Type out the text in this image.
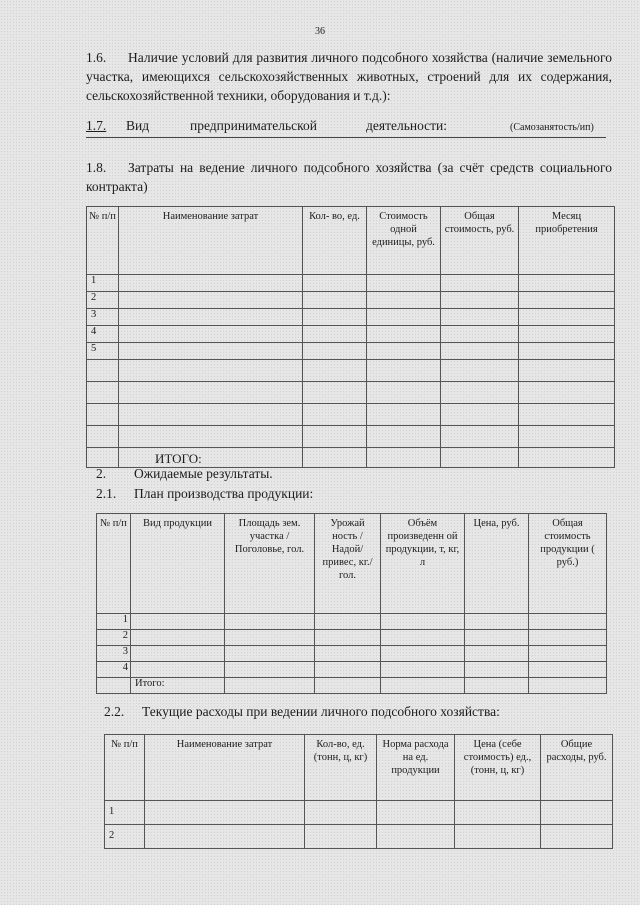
36
1.6. Наличие условий для развития личного подсобного хозяйства (наличие земельного участка, имеющихся сельскохозяйственных животных, строений для их содержания, сельскохозяйственной техники, оборудования и т.д.):
1.7. Вид	предпринимательской	деятельности:	(Самозанятость/ип)
1.8. Затраты на ведение личного подсобного хозяйства (за счёт средств социального контракта)
№ п/п	Наименование затрат	Кол- во, ед.	Стоимость одной единицы, руб.	Общая стоимость, руб.	Месяц приобретения
1					
2					
3					
4					
5					

	ИТОГО:				
2. Ожидаемые результаты.
2.1. План производства продукции:
№ п/п	Вид продукции	Площадь зем. участка /Поголовье, гол.	Урожай ность /Надой/ привес, кг./гол.	Объём произведенн ой продукции, т, кг, л	Цена, руб.	Общая стоимость продукции ( руб.)
1						
2						
3						
4						
	Итого:					
2.2. Текущие расходы при ведении личного подсобного хозяйства:
№ п/п	Наименование затрат	Кол-во, ед. (тонн, ц, кг)	Норма расхода на ед. продукции	Цена (себе стоимость) ед., (тонн, ц, кг)	Общие расходы, руб.
1					
2					
